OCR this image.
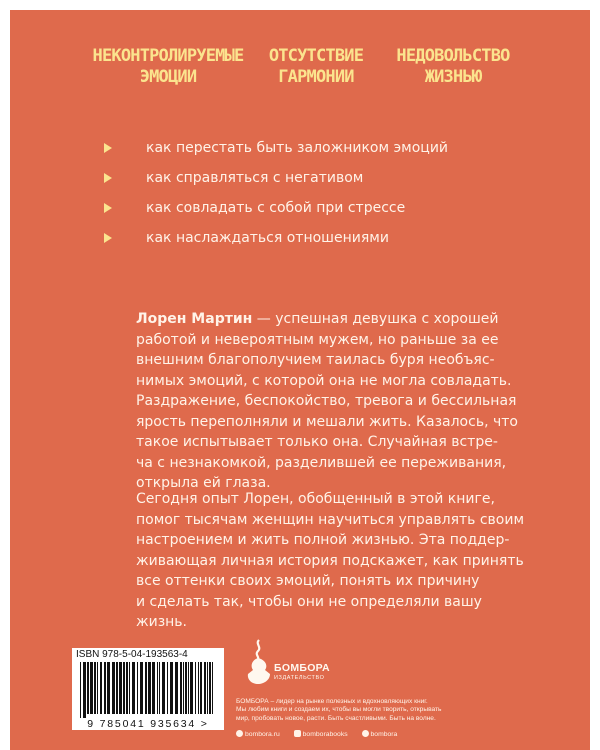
НЕКОНТРОЛИРУЕМЫЕ
ЭМОЦИИ
ОТСУТСТВИЕ
ГАРМОНИИ
НЕДОВОЛЬСТВО
ЖИЗНЬЮ
как перестать быть заложником эмоций
как справляться с негативом
как совладать с собой при стрессе
как наслаждаться отношениями
Лорен Мартин — успешная девушка с хорошей
работой и невероятным мужем, но раньше за ее
внешним благополучием таилась буря необъяс-
нимых эмоций, с которой она не могла совладать.
Раздражение, беспокойство, тревога и бессильная
ярость переполняли и мешали жить. Казалось, что
такое испытывает только она. Случайная встре-
ча с незнакомкой, разделившей ее переживания,
открыла ей глаза.
Сегодня опыт Лорен, обобщенный в этой книге,
помог тысячам женщин научиться управлять своим
настроением и жить полной жизнью. Эта поддер-
живающая личная история подскажет, как принять
все оттенки своих эмоций, понять их причину
и сделать так, чтобы они не определяли вашу
жизнь.
ISBN 978-5-04-193563-4
9 785041 935634 >
БОМБОРА
ИЗДАТЕЛЬСТВО
БОМБОРА – лидер на рынке полезных и вдохновляющих книг.
Мы любим книги и создаем их, чтобы вы могли творить, открывать
мир, пробовать новое, расти. Быть счастливыми. Быть на волне.
bombora.ru	bomborabooks	bombora
